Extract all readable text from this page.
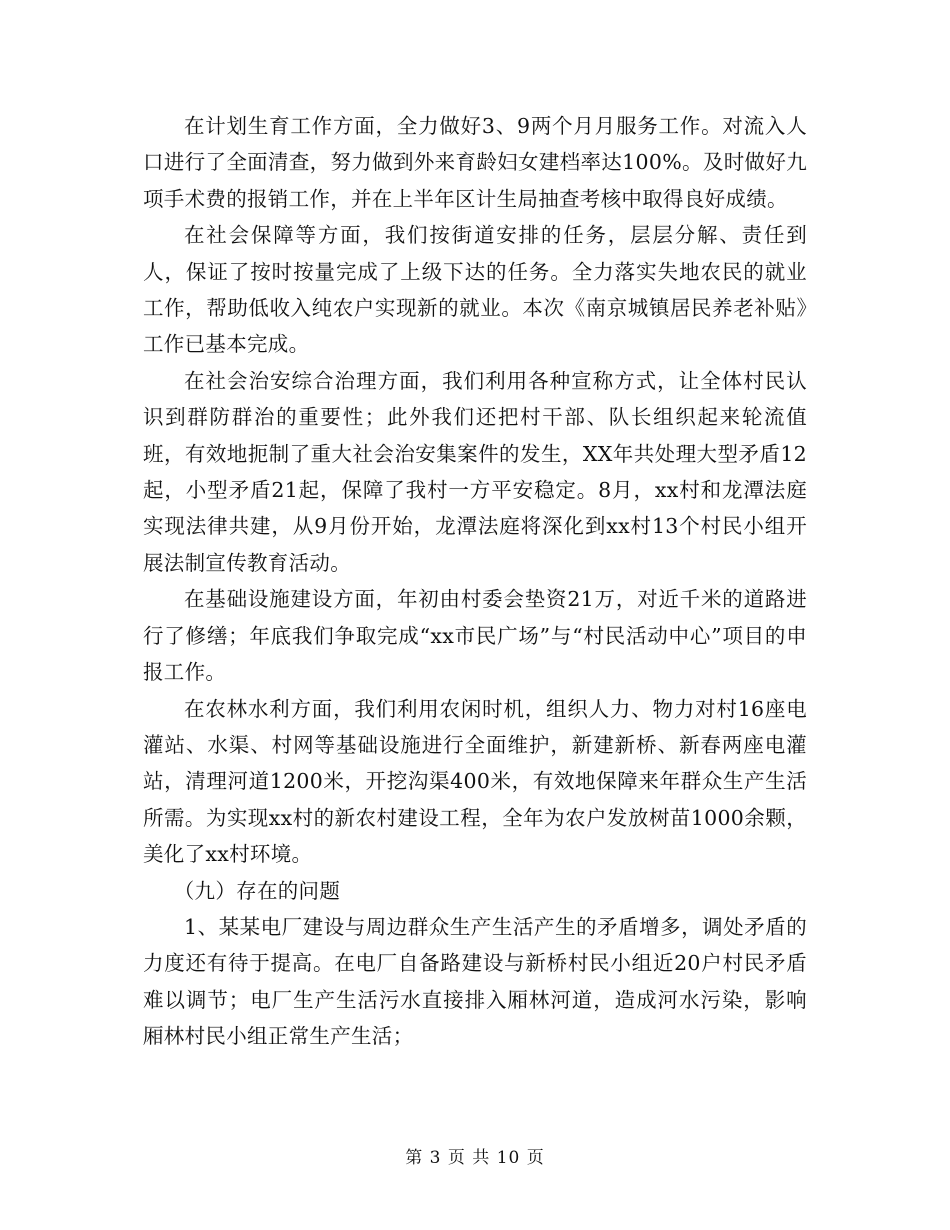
在计划生育工作方面，全力做好3、9两个月月服务工作。对流入人口进行了全面清查，努力做到外来育龄妇女建档率达100%。及时做好九项手术费的报销工作，并在上半年区计生局抽查考核中取得良好成绩。

在社会保障等方面，我们按街道安排的任务，层层分解、责任到人，保证了按时按量完成了上级下达的任务。全力落实失地农民的就业工作，帮助低收入纯农户实现新的就业。本次《南京城镇居民养老补贴》工作已基本完成。

在社会治安综合治理方面，我们利用各种宣称方式，让全体村民认识到群防群治的重要性；此外我们还把村干部、队长组织起来轮流值班，有效地扼制了重大社会治安集案件的发生，XX年共处理大型矛盾12起，小型矛盾21起，保障了我村一方平安稳定。8月，xx村和龙潭法庭实现法律共建，从9月份开始，龙潭法庭将深化到xx村13个村民小组开展法制宣传教育活动。

在基础设施建设方面，年初由村委会垫资21万，对近千米的道路进行了修缮；年底我们争取完成“xx市民广场”与“村民活动中心”项目的申报工作。

在农林水利方面，我们利用农闲时机，组织人力、物力对村16座电灌站、水渠、村网等基础设施进行全面维护，新建新桥、新春两座电灌站，清理河道1200米，开挖沟渠400米，有效地保障来年群众生产生活所需。为实现xx村的新农村建设工程，全年为农户发放树苗1000余颗，美化了xx村环境。

（九）存在的问题

1、某某电厂建设与周边群众生产生活产生的矛盾增多，调处矛盾的力度还有待于提高。在电厂自备路建设与新桥村民小组近20户村民矛盾难以调节；电厂生产生活污水直接排入厢林河道，造成河水污染，影响厢林村民小组正常生产生活；

第 3 页 共 10 页
